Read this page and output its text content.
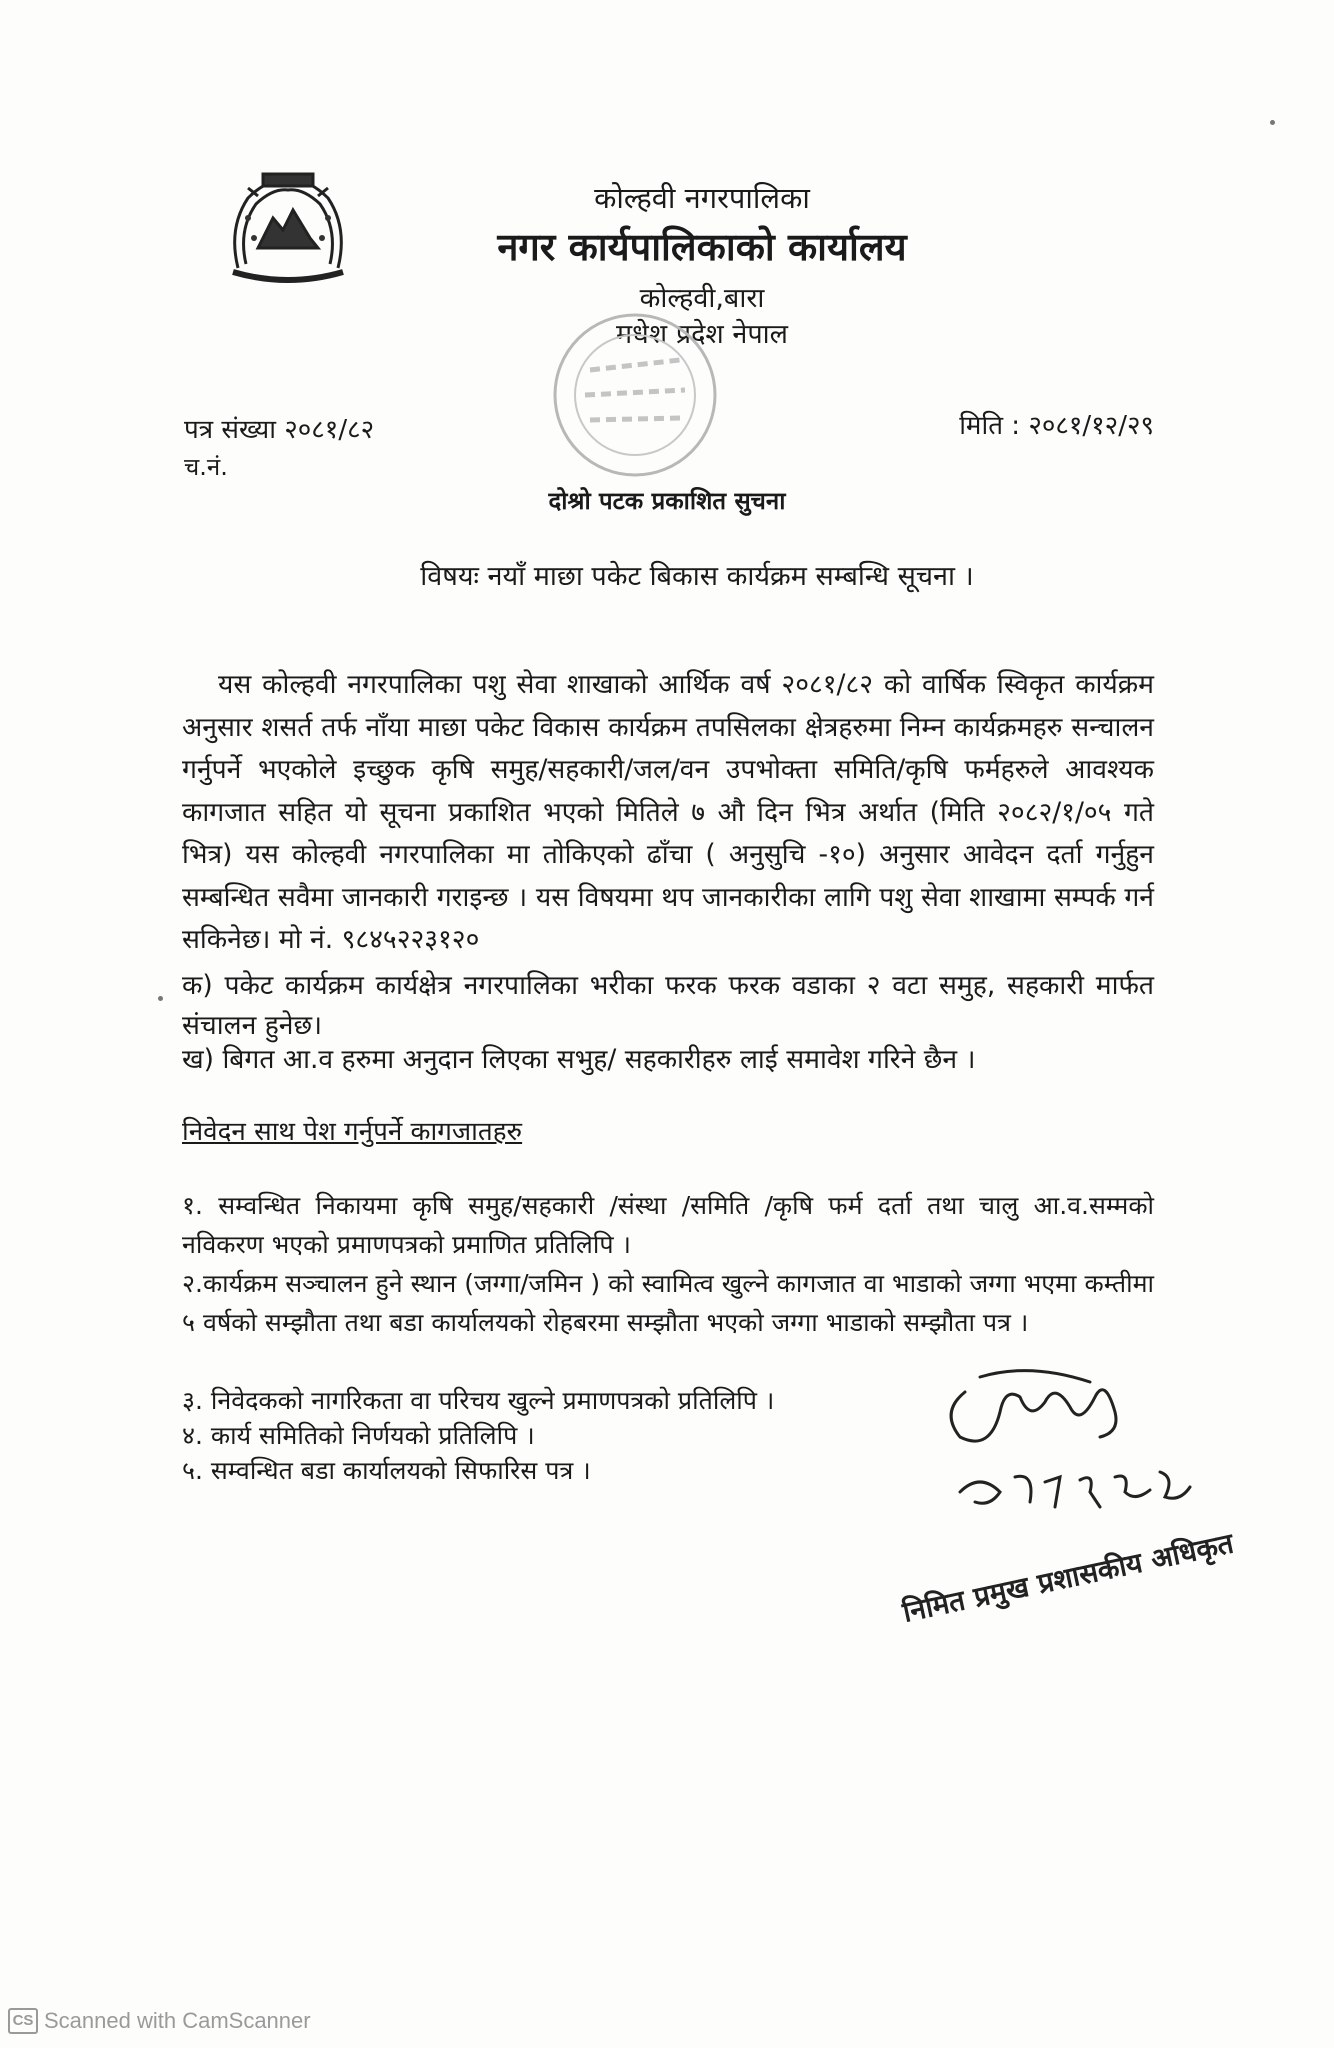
कोल्हवी नगरपालिका
नगर कार्यपालिकाको कार्यालय
कोल्हवी,बारा
मधेश प्रदेश नेपाल
पत्र संख्या २०८१/८२
च.नं.
मिति : २०८१/१२/२९
दोश्रो पटक प्रकाशित सुचना
विषयः नयाँ माछा पकेट बिकास कार्यक्रम सम्बन्धि सूचना ।
यस कोल्हवी नगरपालिका पशु सेवा शाखाको आर्थिक वर्ष २०८१/८२ को वार्षिक स्विकृत कार्यक्रम अनुसार शसर्त तर्फ नाँया माछा पकेट विकास कार्यक्रम तपसिलका क्षेत्रहरुमा निम्न कार्यक्रमहरु सन्चालन गर्नुपर्ने भएकोले इच्छुक कृषि समुह/सहकारी/जल/वन उपभोक्ता समिति/कृषि फर्महरुले आवश्यक कागजात सहित यो सूचना प्रकाशित भएको मितिले ७ औ दिन भित्र अर्थात (मिति २०८२/१/०५ गते भित्र) यस कोल्हवी नगरपालिका मा तोकिएको ढाँचा ( अनुसुचि -१०) अनुसार आवेदन दर्ता गर्नुहुन सम्बन्धित सवैमा जानकारी गराइन्छ । यस विषयमा थप जानकारीका लागि पशु सेवा शाखामा सम्पर्क गर्न सकिनेछ। मो नं. ९८४५२२३१२०
क) पकेट कार्यक्रम कार्यक्षेत्र नगरपालिका भरीका फरक फरक वडाका २ वटा समुह, सहकारी मार्फत संचालन हुनेछ।
ख) बिगत आ.व हरुमा अनुदान लिएका सभुह/ सहकारीहरु लाई समावेश गरिने छैन ।
निवेदन साथ पेश गर्नुपर्ने कागजातहरु
१. सम्वन्धित निकायमा कृषि समुह/सहकारी /संस्था /समिति /कृषि फर्म दर्ता तथा चालु आ.व.सम्मको नविकरण भएको प्रमाणपत्रको प्रमाणित प्रतिलिपि ।
२.कार्यक्रम सञ्चालन हुने स्थान (जग्गा/जमिन ) को स्वामित्व खुल्ने कागजात वा भाडाको जग्गा भएमा कम्तीमा ५ वर्षको सम्झौता तथा बडा कार्यालयको रोहबरमा सम्झौता भएको जग्गा भाडाको सम्झौता पत्र ।
३. निवेदकको नागरिकता वा परिचय खुल्ने प्रमाणपत्रको प्रतिलिपि ।
४. कार्य समितिको निर्णयको प्रतिलिपि ।
५. सम्वन्धित बडा कार्यालयको सिफारिस पत्र ।
निमित प्रमुख प्रशासकीय अधिकृत
CS Scanned with CamScanner
